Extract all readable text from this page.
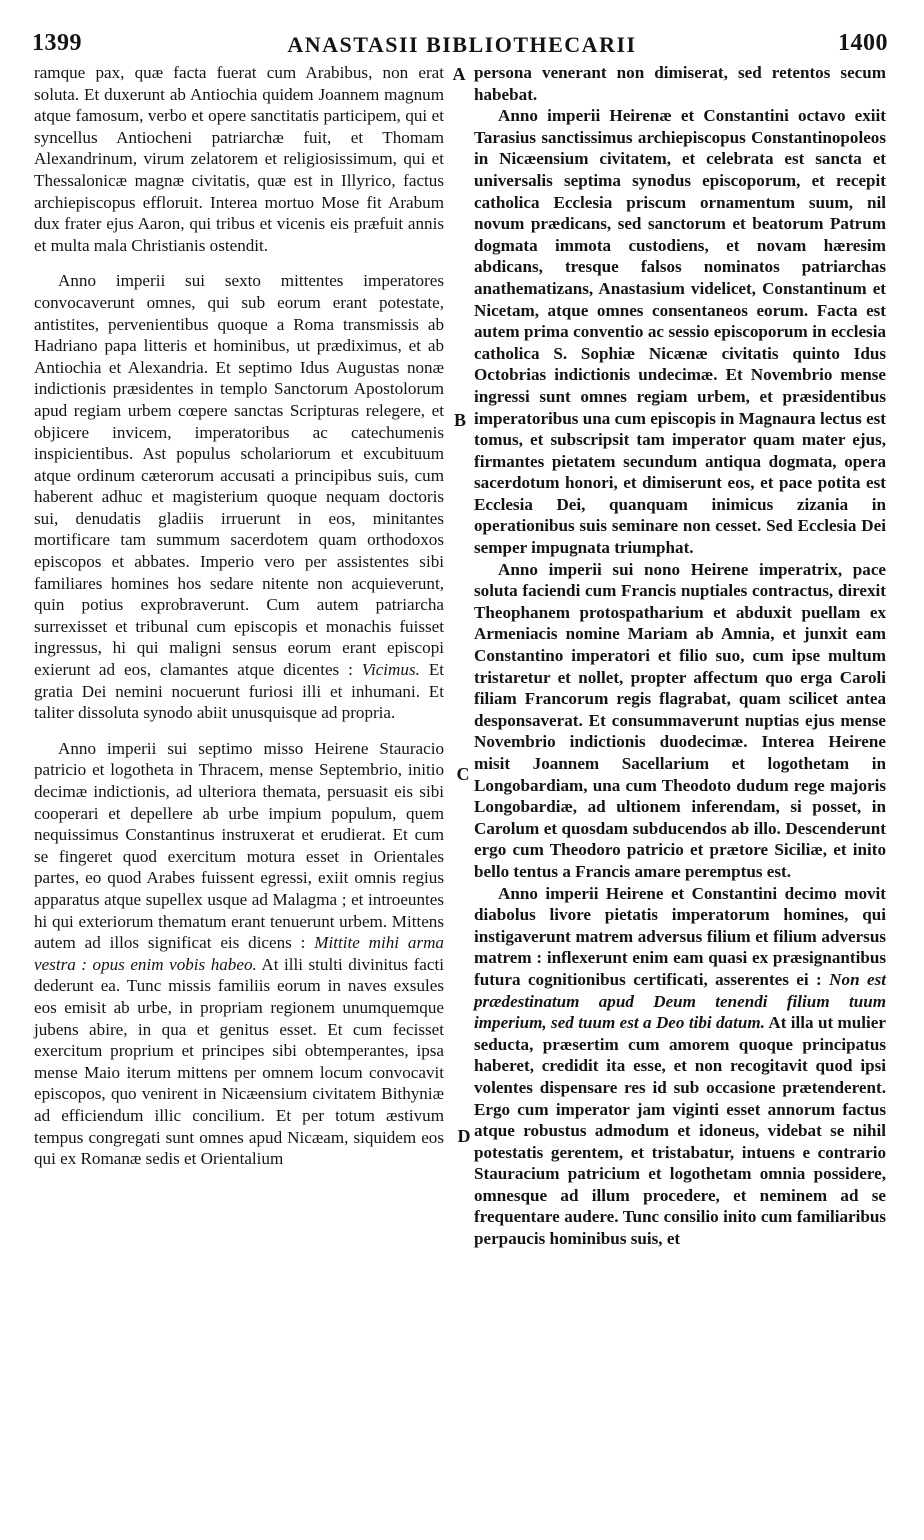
1399	ANASTASII BIBLIOTHECARII	1400
A
B
C
D

ramque pax, quæ facta fuerat cum Arabibus, non erat soluta. Et duxerunt ab Antiochia quidem Joannem magnum atque famosum, verbo et opere sanctitatis participem, qui et syncellus Antiocheni patriarchæ fuit, et Thomam Alexandrinum, virum zelatorem et religiosissimum, qui et Thessalonicæ magnæ civitatis, quæ est in Illyrico, factus archiepiscopus effloruit. Interea mortuo Mose fit Arabum dux frater ejus Aaron, qui tribus et vicenis eis præfuit annis et multa mala Christianis ostendit.

Anno imperii sui sexto mittentes imperatores convocaverunt omnes, qui sub eorum erant potestate, antistites, pervenientibus quoque a Roma transmissis ab Hadriano papa litteris et hominibus, ut prædiximus, et ab Antiochia et Alexandria. Et septimo Idus Augustas nonæ indictionis præsidentes in templo Sanctorum Apostolorum apud regiam urbem cœpere sanctas Scripturas relegere, et objicere invicem, imperatoribus ac catechumenis inspicientibus. Ast populus scholariorum et excubituum atque ordinum cæterorum accusati a principibus suis, cum haberent adhuc et magisterium quoque nequam doctoris sui, denudatis gladiis irruerunt in eos, minitantes mortificare tam summum sacerdotem quam orthodoxos episcopos et abbates. Imperio vero per assistentes sibi familiares homines hos sedare nitente non acquieverunt, quin potius exprobraverunt. Cum autem patriarcha surrexisset et tribunal cum episcopis et monachis fuisset ingressus, hi qui maligni sensus eorum erant episcopi exierunt ad eos, clamantes atque dicentes : Vicimus. Et gratia Dei nemini nocuerunt furiosi illi et inhumani. Et taliter dissoluta synodo abiit unusquisque ad propria.

Anno imperii sui septimo misso Heirene Stauracio patricio et logotheta in Thracem, mense Septembrio, initio decimæ indictionis, ad ulteriora themata, persuasit eis sibi cooperari et depellere ab urbe impium populum, quem nequissimus Constantinus instruxerat et erudierat. Et cum se fingeret quod exercitum motura esset in Orientales partes, eo quod Arabes fuissent egressi, exiit omnis regius apparatus atque supellex usque ad Malagma ; et introeuntes hi qui exteriorum thematum erant tenuerunt urbem. Mittens autem ad illos significat eis dicens : Mittite mihi arma vestra : opus enim vobis habeo. At illi stulti divinitus facti dederunt ea. Tunc missis familiis eorum in naves exsules eos emisit ab urbe, in propriam regionem unumquemque jubens abire, in qua et genitus esset. Et cum fecisset exercitum proprium et principes sibi obtemperantes, ipsa mense Maio iterum mittens per omnem locum convocavit episcopos, quo venirent in Nicæensium civitatem Bithyniæ ad efficiendum illic concilium. Et per totum æstivum tempus congregati sunt omnes apud Nicæam, siquidem eos qui ex Romanæ sedis et Orientalium

persona venerant non dimiserat, sed retentos secum habebat.

Anno imperii Heirenæ et Constantini octavo exiit Tarasius sanctissimus archiepiscopus Constantinopoleos in Nicæensium civitatem, et celebrata est sancta et universalis septima synodus episcoporum, et recepit catholica Ecclesia priscum ornamentum suum, nil novum prædicans, sed sanctorum et beatorum Patrum dogmata immota custodiens, et novam hæresim abdicans, tresque falsos nominatos patriarchas anathematizans, Anastasium videlicet, Constantinum et Nicetam, atque omnes consentaneos eorum. Facta est autem prima conventio ac sessio episcoporum in ecclesia catholica S. Sophiæ Nicænæ civitatis quinto Idus Octobrias indictionis undecimæ. Et Novembrio mense ingressi sunt omnes regiam urbem, et præsidentibus imperatoribus una cum episcopis in Magnaura lectus est tomus, et subscripsit tam imperator quam mater ejus, firmantes pietatem secundum antiqua dogmata, opera sacerdotum honori, et dimiserunt eos, et pace potita est Ecclesia Dei, quanquam inimicus zizania in operationibus suis seminare non cesset. Sed Ecclesia Dei semper impugnata triumphat.

Anno imperii sui nono Heirene imperatrix, pace soluta faciendi cum Francis nuptiales contractus, direxit Theophanem protospatharium et abduxit puellam ex Armeniacis nomine Mariam ab Amnia, et junxit eam Constantino imperatori et filio suo, cum ipse multum tristaretur et nollet, propter affectum quo erga Caroli filiam Francorum regis flagrabat, quam scilicet antea desponsaverat. Et consummaverunt nuptias ejus mense Novembrio indictionis duodecimæ. Interea Heirene misit Joannem Sacellarium et logothetam in Longobardiam, una cum Theodoto dudum rege majoris Longobardiæ, ad ultionem inferendam, si posset, in Carolum et quosdam subducendos ab illo. Descenderunt ergo cum Theodoro patricio et prætore Siciliæ, et inito bello tentus a Francis amare peremptus est.

Anno imperii Heirene et Constantini decimo movit diabolus livore pietatis imperatorum homines, qui instigaverunt matrem adversus filium et filium adversus matrem : inflexerunt enim eam quasi ex præsignantibus futura cognitionibus certificati, asserentes ei : Non est prædestinatum apud Deum tenendi filium tuum imperium, sed tuum est a Deo tibi datum. At illa ut mulier seducta, præsertim cum amorem quoque principatus haberet, credidit ita esse, et non recogitavit quod ipsi volentes dispensare res id sub occasione prætenderent. Ergo cum imperator jam viginti esset annorum factus atque robustus admodum et idoneus, videbat se nihil potestatis gerentem, et tristabatur, intuens e contrario Stauracium patricium et logothetam omnia possidere, omnesque ad illum procedere, et neminem ad se frequentare audere. Tunc consilio inito cum familiaribus perpaucis hominibus suis, et
